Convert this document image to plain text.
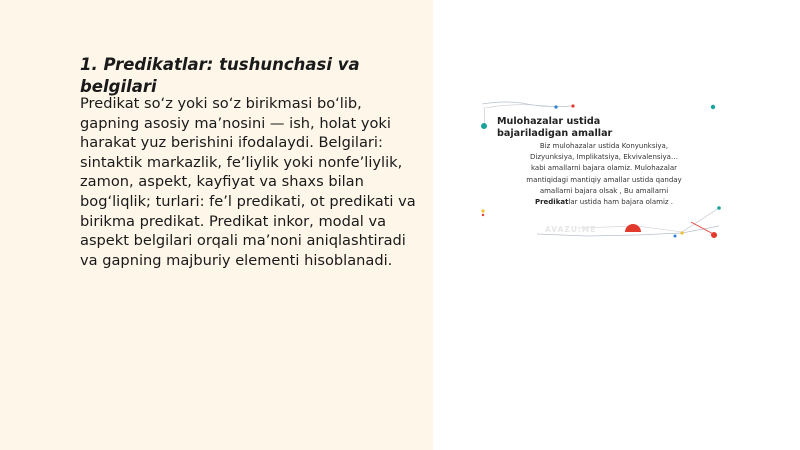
1. Predikatlar: tushunchasi va belgilari

Predikat so‘z yoki so‘z birikmasi bo‘lib, gapning asosiy ma’nosini — ish, holat yoki harakat yuz berishini ifodalaydi. Belgilari: sintaktik markazlik, fe’liylik yoki nonfe’liylik, zamon, aspekt, kayfiyat va shaxs bilan bog‘liqlik; turlari: fe’l predikati, ot predikati va birikma predikat. Predikat inkor, modal va aspekt belgilari orqali ma’noni aniqlashtiradi va gapning majburiy elementi hisoblanadi.

Mulohazalar ustida bajariladigan amallar
Biz mulohazalar ustida Konyunksiya,
Dizyunksiya, Implikatsiya, Ekvivalensiya…
kabi amallarni bajara olamiz. Mulohazalar
mantiqidagi mantiqiy amallar ustida qanday
amallarni bajara olsak , Bu amallarni
Predikatlar ustida ham bajara olamiz .
AVAZU.ME
